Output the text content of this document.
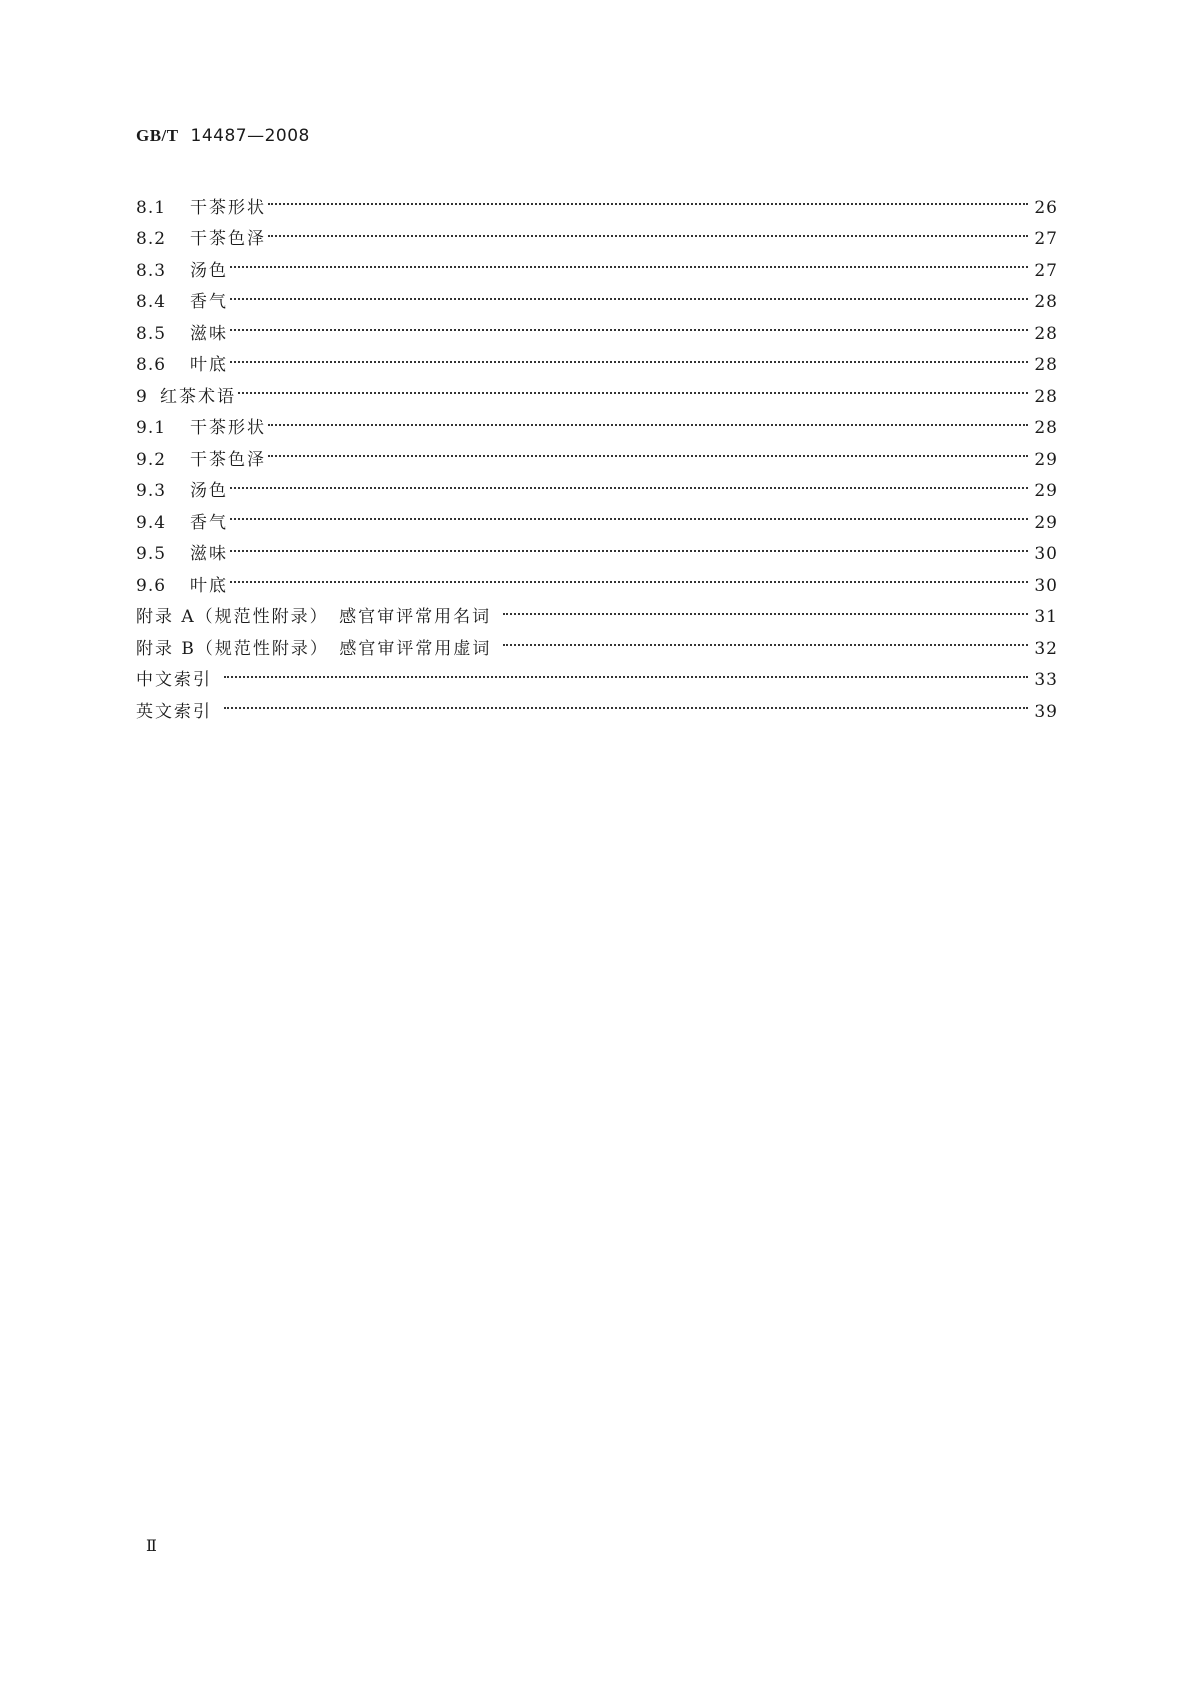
GB/T 14487—2008
8.1	干茶形状	26
8.2	干茶色泽	27
8.3	汤色	27
8.4	香气	28
8.5	滋味	28
8.6	叶底	28
9 红茶术语	28
9.1	干茶形状	28
9.2	干茶色泽	29
9.3	汤色	29
9.4	香气	29
9.5	滋味	30
9.6	叶底	30
附录 A（规范性附录）　感官审评常用名词	31
附录 B（规范性附录）　感官审评常用虚词	32
中文索引	33
英文索引	39
Ⅱ
